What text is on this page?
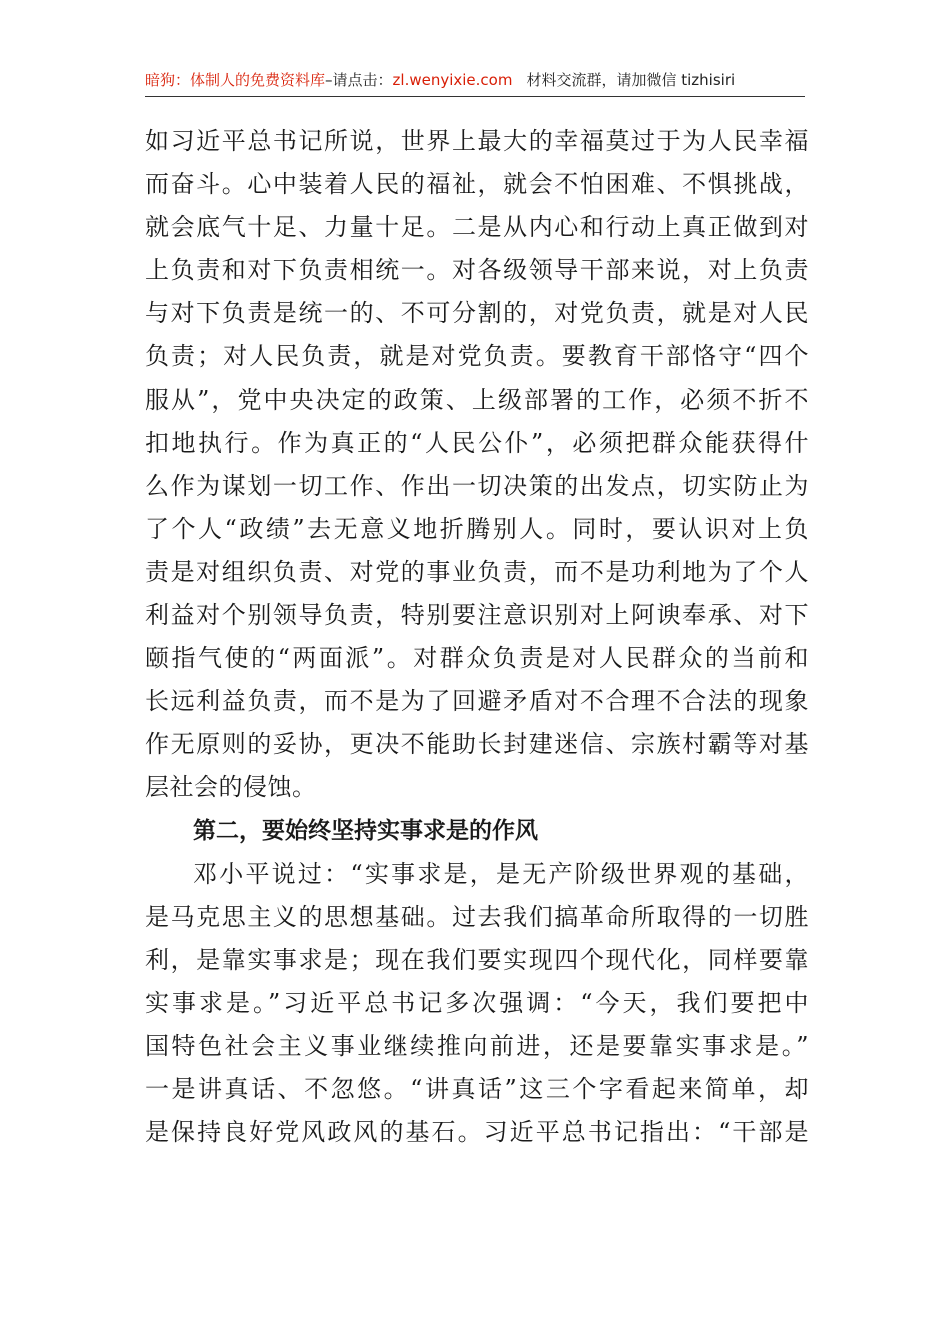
暗狗：体制人的免费资料库–请点击：zl.wenyixie.com 材料交流群，请加微信 tizhisiri
如习近平总书记所说，世界上最大的幸福莫过于为人民幸福
而奋斗。心中装着人民的福祉，就会不怕困难、不惧挑战，
就会底气十足、力量十足。二是从内心和行动上真正做到对
上负责和对下负责相统一。对各级领导干部来说，对上负责
与对下负责是统一的、不可分割的，对党负责，就是对人民
负责；对人民负责，就是对党负责。要教育干部恪守“四个
服从”，党中央决定的政策、上级部署的工作，必须不折不
扣地执行。作为真正的“人民公仆”，必须把群众能获得什
么作为谋划一切工作、作出一切决策的出发点，切实防止为
了个人“政绩”去无意义地折腾别人。同时，要认识对上负
责是对组织负责、对党的事业负责，而不是功利地为了个人
利益对个别领导负责，特别要注意识别对上阿谀奉承、对下
颐指气使的“两面派”。对群众负责是对人民群众的当前和
长远利益负责，而不是为了回避矛盾对不合理不合法的现象
作无原则的妥协，更决不能助长封建迷信、宗族村霸等对基
层社会的侵蚀。
第二，要始终坚持实事求是的作风
邓小平说过：“实事求是，是无产阶级世界观的基础，
是马克思主义的思想基础。过去我们搞革命所取得的一切胜
利，是靠实事求是；现在我们要实现四个现代化，同样要靠
实事求是。”习近平总书记多次强调：“今天，我们要把中
国特色社会主义事业继续推向前进，还是要靠实事求是。”
一是讲真话、不忽悠。“讲真话”这三个字看起来简单，却
是保持良好党风政风的基石。习近平总书记指出：“干部是
